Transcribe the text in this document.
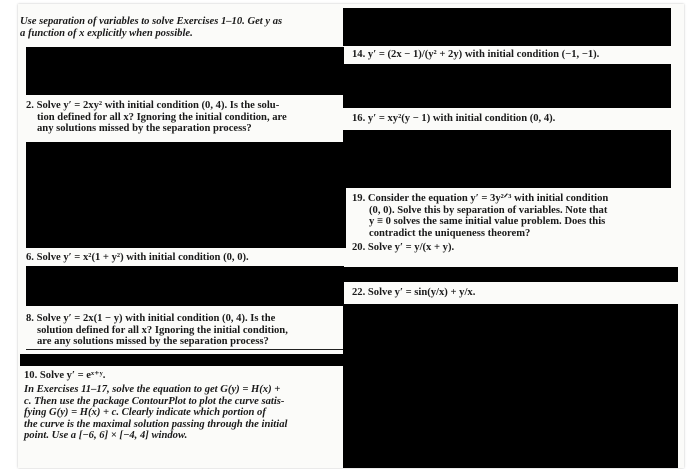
Use separation of variables to solve Exercises 1–10. Get y as
a function of x explicitly when possible.
2. Solve y′ = 2xy² with initial condition (0, 4). Is the solu-
tion defined for all x? Ignoring the initial condition, are
any solutions missed by the separation process?
6. Solve y′ = x²(1 + y²) with initial condition (0, 0).
8. Solve y′ = 2x(1 − y) with initial condition (0, 4). Is the
solution defined for all x? Ignoring the initial condition,
are any solutions missed by the separation process?
10. Solve y′ = eˣ⁺ʸ.
In Exercises 11–17, solve the equation to get G(y) = H(x) +
c. Then use the package ContourPlot to plot the curve satis-
fying G(y) = H(x) + c. Clearly indicate which portion of
the curve is the maximal solution passing through the initial
point. Use a [−6, 6] × [−4, 4] window.
14. y′ = (2x − 1)/(y² + 2y) with initial condition (−1, −1).
16. y′ = xy²(y − 1) with initial condition (0, 4).
19. Consider the equation y′ = 3y²ᐟ³ with initial condition
(0, 0). Solve this by separation of variables. Note that
y ≡ 0 solves the same initial value problem. Does this
contradict the uniqueness theorem?
20. Solve y′ = y/(x + y).
22. Solve y′ = sin(y/x) + y/x.
